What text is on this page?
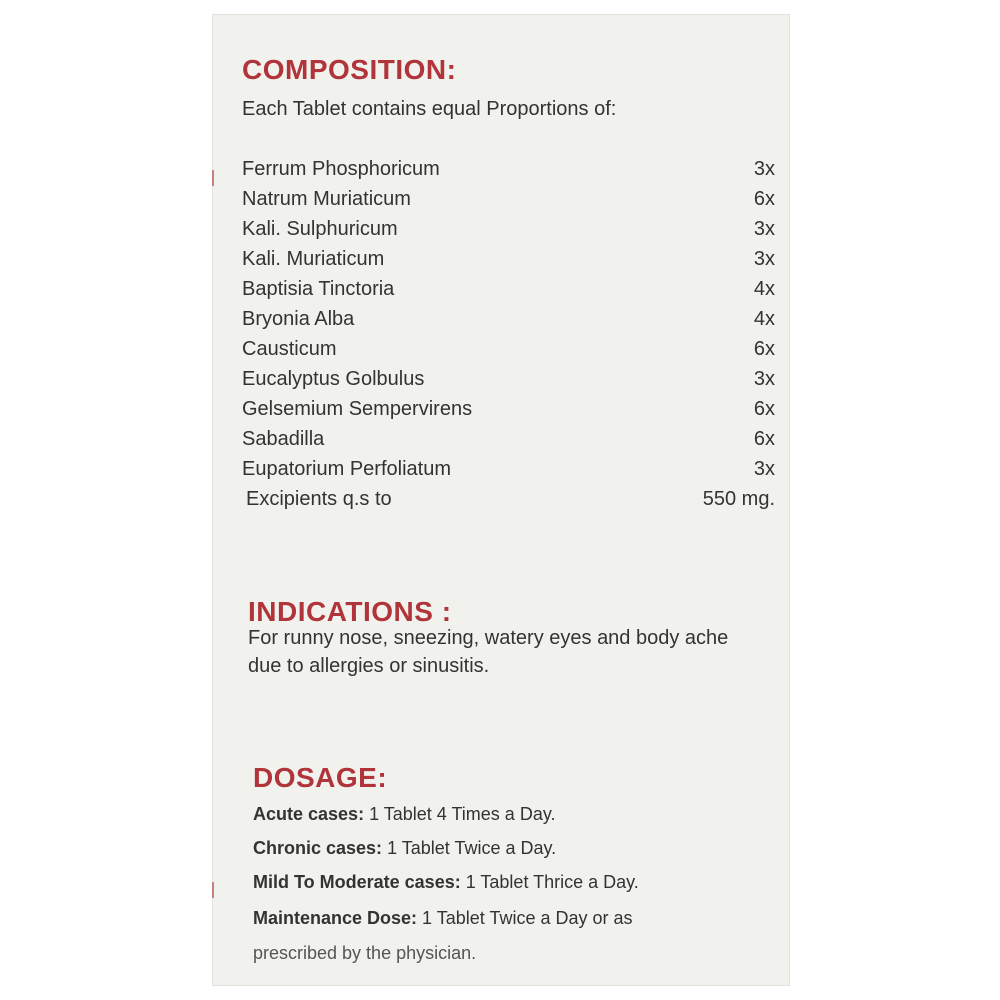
COMPOSITION:
Each Tablet contains equal Proportions of:
Ferrum Phosphoricum	3x
Natrum Muriaticum	6x
Kali. Sulphuricum	3x
Kali. Muriaticum	3x
Baptisia Tinctoria	4x
Bryonia Alba	4x
Causticum	6x
Eucalyptus Golbulus	3x
Gelsemium Sempervirens	6x
Sabadilla	6x
Eupatorium Perfoliatum	3x
Excipients q.s to	550 mg.
INDICATIONS :
For runny nose, sneezing, watery eyes and body ache
due to allergies or sinusitis.
DOSAGE:
Acute cases: 1 Tablet 4 Times a Day.
Chronic cases: 1 Tablet Twice a Day.
Mild To Moderate cases: 1 Tablet Thrice a Day.
Maintenance Dose: 1 Tablet Twice a Day or as
prescribed by the physician.
